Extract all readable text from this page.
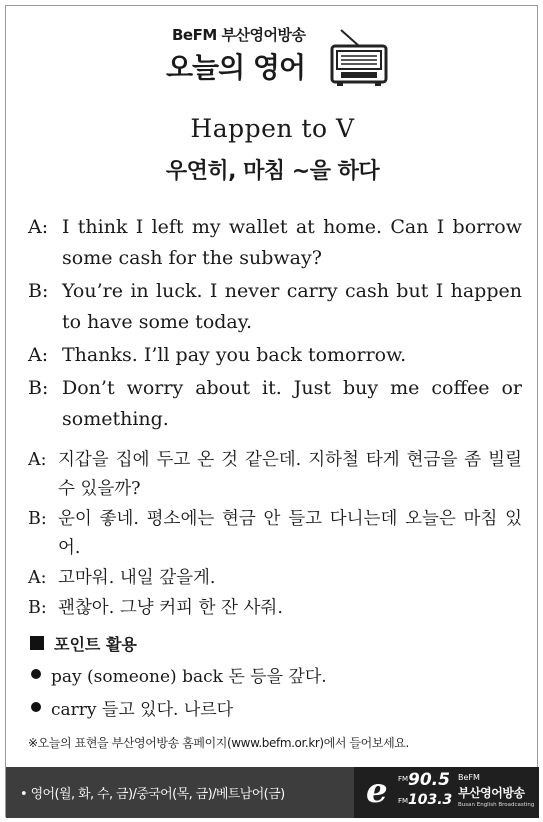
BeFM 부산영어방송
오늘의 영어
Happen to V
우연히, 마침 ~을 하다
A: I think I left my wallet at home. Can I borrow some cash for the subway?
B: You’re in luck. I never carry cash but I happen to have some today.
A: Thanks. I’ll pay you back tomorrow.
B: Don’t worry about it. Just buy me coffee or something.
A: 지갑을 집에 두고 온 것 같은데. 지하철 타게 현금을 좀 빌릴 수 있을까?
B: 운이 좋네. 평소에는 현금 안 들고 다니는데 오늘은 마침 있어.
A: 고마워. 내일 갚을게.
B: 괜찮아. 그냥 커피 한 잔 사줘.
포인트 활용
pay (someone) back 돈 등을 갚다.
carry 들고 있다. 나르다
※오늘의 표현을 부산영어방송 홈페이지(www.befm.or.kr)에서 들어보세요.
• 영어(월, 화, 수, 금)/중국어(목, 금)/베트남어(금) e FM 90.5
FM 103.3
BeFM
부산영어방송
Busan English Broadcasting
